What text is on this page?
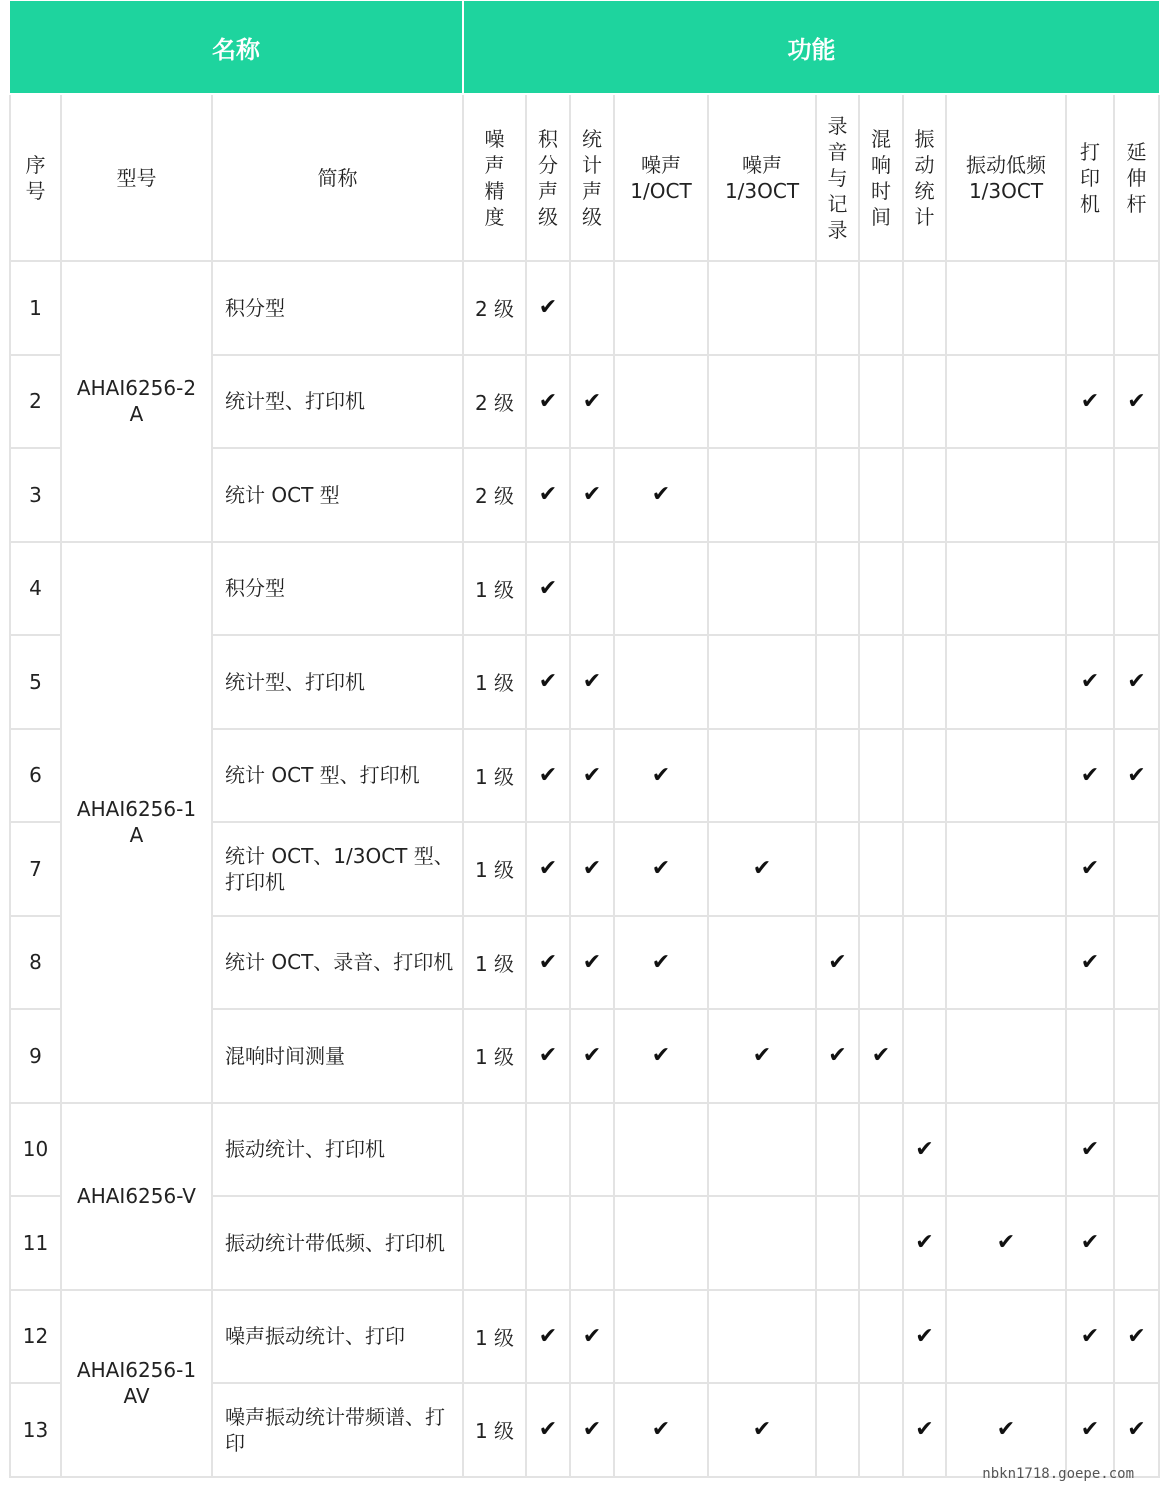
名称			功能										
序号	型号	简称	噪声精度	积分声级	统计声级	噪声 1/OCT	噪声 1/3OCT	录音与记录	混响时间	振动统计	振动低频 1/3OCT	打印机	延伸杆
1	AHAI6256-2 A	积分型	2 级	✔									
2		统计型、打印机	2 级	✔	✔							✔	✔
3		统计 OCT 型	2 级	✔	✔	✔							
4	AHAI6256-1 A	积分型	1 级	✔									
5		统计型、打印机	1 级	✔	✔							✔	✔
6		统计 OCT 型、打印机	1 级	✔	✔	✔						✔	✔
7		统计 OCT、1/3OCT 型、打印机	1 级	✔	✔	✔	✔					✔	
8		统计 OCT、录音、打印机	1 级	✔	✔	✔		✔				✔	
9		混响时间测量	1 级	✔	✔	✔	✔	✔	✔				
10	AHAI6256-V	振动统计、打印机								✔		✔	
11		振动统计带低频、打印机								✔	✔	✔	
12	AHAI6256-1 AV	噪声振动统计、打印	1 级	✔	✔					✔		✔	✔
13		噪声振动统计带频谱、打印	1 级	✔	✔	✔	✔			✔	✔	✔	✔
nbkn1718.goepe.com
